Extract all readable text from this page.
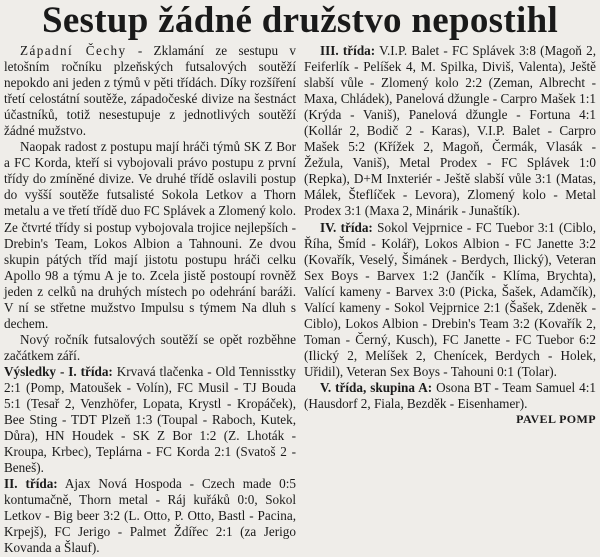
Sestup žádné družstvo nepostihl

Západní Čechy - Zklamání ze sestupu v letošním ročníku plzeňských futsalových soutěží nepokdo ani jeden z týmů v pěti třídách. Díky rozšíření třetí celostátní soutěže, západočeské divize na šestnáct účastníků, totiž nesestupuje z jednotlivých soutěží žádné mužstvo.

Naopak radost z postupu mají hráči týmů SK Z Bor a FC Korda, kteří si vybojovali právo postupu z první třídy do zmíněné divize. Ve druhé třídě oslavili postup do vyšší soutěže futsalisté Sokola Letkov a Thorn metalu a ve třetí třídě duo FC Splávek a Zlomený kolo. Ze čtvrté třídy si postup vybojovala trojice nejlepších - Drebin's Team, Lokos Albion a Tahnouni. Ze dvou skupin pátých tříd mají jistotu postupu hráči celku Apollo 98 a týmu A je to. Zcela jistě postoupí rovněž jeden z celků na druhých místech po odehrání baráži. V ní se střetne mužstvo Impulsu s týmem Na dluh s dechem.

Nový ročník futsalových soutěží se opět rozběhne začátkem září.

Výsledky - I. třída: Krvavá tlačenka - Old Tennisstky 2:1 (Pomp, Matoušek - Volín), FC Musil - TJ Bouda 5:1 (Tesař 2, Venzhöfer, Lopata, Krystl - Kropáček), Bee Sting - TDT Plzeň 1:3 (Toupal - Raboch, Kutek, Důra), HN Houdek - SK Z Bor 1:2 (Z. Lhoták - Kroupa, Krbec), Teplárna - FC Korda 2:1 (Svatoš 2 - Beneš).

II. třída: Ajax Nová Hospoda - Czech made 0:5 kontumačně, Thorn metal - Ráj kuřáků 0:0, Sokol Letkov - Big beer 3:2 (L. Otto, P. Otto, Bastl - Pacina, Krpejš), FC Jerigo - Palmet Ždířec 2:1 (za Jerigo Kovanda a Šlauf).

III. třída: V.I.P. Balet - FC Splávek 3:8 (Magoň 2, Feiferlík - Pelíšek 4, M. Spilka, Diviš, Valenta), Ještě slabší vůle - Zlomený kolo 2:2 (Zeman, Albrecht - Maxa, Chládek), Panelová džungle - Carpro Mašek 1:1 (Krýda - Vaniš), Panelová džungle - Fortuna 4:1 (Kollár 2, Bodič 2 - Karas), V.I.P. Balet - Carpro Mašek 5:2 (Křížek 2, Magoň, Čermák, Vlasák - Žežula, Vaniš), Metal Prodex - FC Splávek 1:0 (Repka), D+M Inxteriér - Ještě slabší vůle 3:1 (Matas, Málek, Šteflíček - Levora), Zlomený kolo - Metal Prodex 3:1 (Maxa 2, Minárik - Junaštík).

IV. třída: Sokol Vejprnice - FC Tuebor 3:1 (Ciblo, Říha, Šmíd - Kolář), Lokos Albion - FC Janette 3:2 (Kovařík, Veselý, Šimánek - Berdych, Ilický), Veteran Sex Boys - Barvex 1:2 (Jančík - Klíma, Brychta), Valící kameny - Barvex 3:0 (Picka, Šašek, Adamčík), Valící kameny - Sokol Vejprnice 2:1 (Šašek, Zdeněk - Ciblo), Lokos Albion - Drebin's Team 3:2 (Kovařík 2, Toman - Černý, Kusch), FC Janette - FC Tuebor 6:2 (Ilický 2, Melíšek 2, Chenícek, Berdych - Holek, Uřidil), Veteran Sex Boys - Tahouni 0:1 (Tolar).

V. třída, skupina A: Osona BT - Team Samuel 4:1 (Hausdorf 2, Fiala, Bezděk - Eisenhamer).

PAVEL POMP
